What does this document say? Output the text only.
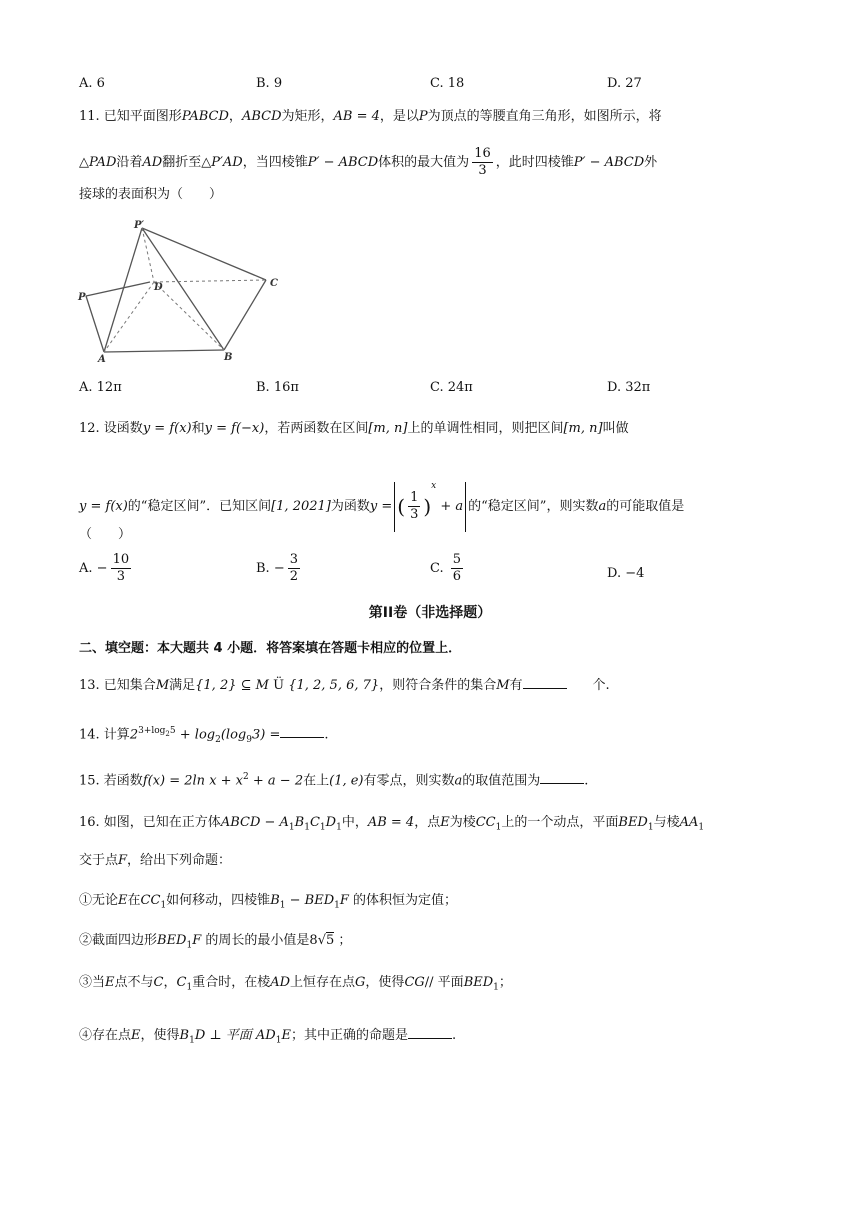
A. 6	B. 9	C. 18	D. 27
11. 已知平面图形PABCD，ABCD为矩形，AB = 4，是以P为顶点的等腰直角三角形，如图所示，将
△PAD沿着AD翻折至△P′AD，当四棱锥P′ − ABCD体积的最大值为 $\frac{16}{3}$ ，此时四棱锥P′ − ABCD外
接球的表面积为（　　）
P′
D	C
P
A	B
A. 12π	B. 16π	C. 24π	D. 32π
12. 设函数y = f(x)和y = f(−x)，若两函数在区间[m, n]上的单调性相同，则把区间[m, n]叫做
y = f(x)的“稳定区间”．已知区间[1, 2021]为函数y = ( $\frac{1}{3} )^x + a$ 的“稳定区间”，则实数a的可能取值是
（　　）
A. − $\frac{10}{3}$	B. − $\frac{3}{2}$	C. $\frac{5}{6}$	D. −4
第II卷（非选择题）
二、填空题：本大题共 4 小题．将答案填在答题卡相应的位置上．
13. 已知集合M满足{1, 2} ⊆ M Ü {1, 2, 5, 6, 7}，则符合条件的集合M有	　　个.
14. 计算$2^{3+log_25} + \log_2(\log_93)$ =	.
15. 若函数f(x) = 2ln $x + x^2 + a - 2$在上(1, e)有零点，则实数a的取值范围为	.
16. 如图，已知在正方体ABCD − $A_1B_1C_1D_1$中，AB = 4，点E为棱$CC_1$上的一个动点，平面$BED_1$与棱$AA_1$
交于点F，给出下列命题：
①无论E在$CC_1$如何移动，四棱锥$B_1 - BED_1F$ 的体积恒为定值；
②截面四边形$BED_1F$ 的周长的最小值是8√5 ；
③当E点不与C，$C_1$重合时，在棱AD上恒存在点G，使得CG// 平面$BED_1$；
④存在点E，使得$B_1D$ ⊥ 平面 $AD_1E$；其中正确的命题是	.
